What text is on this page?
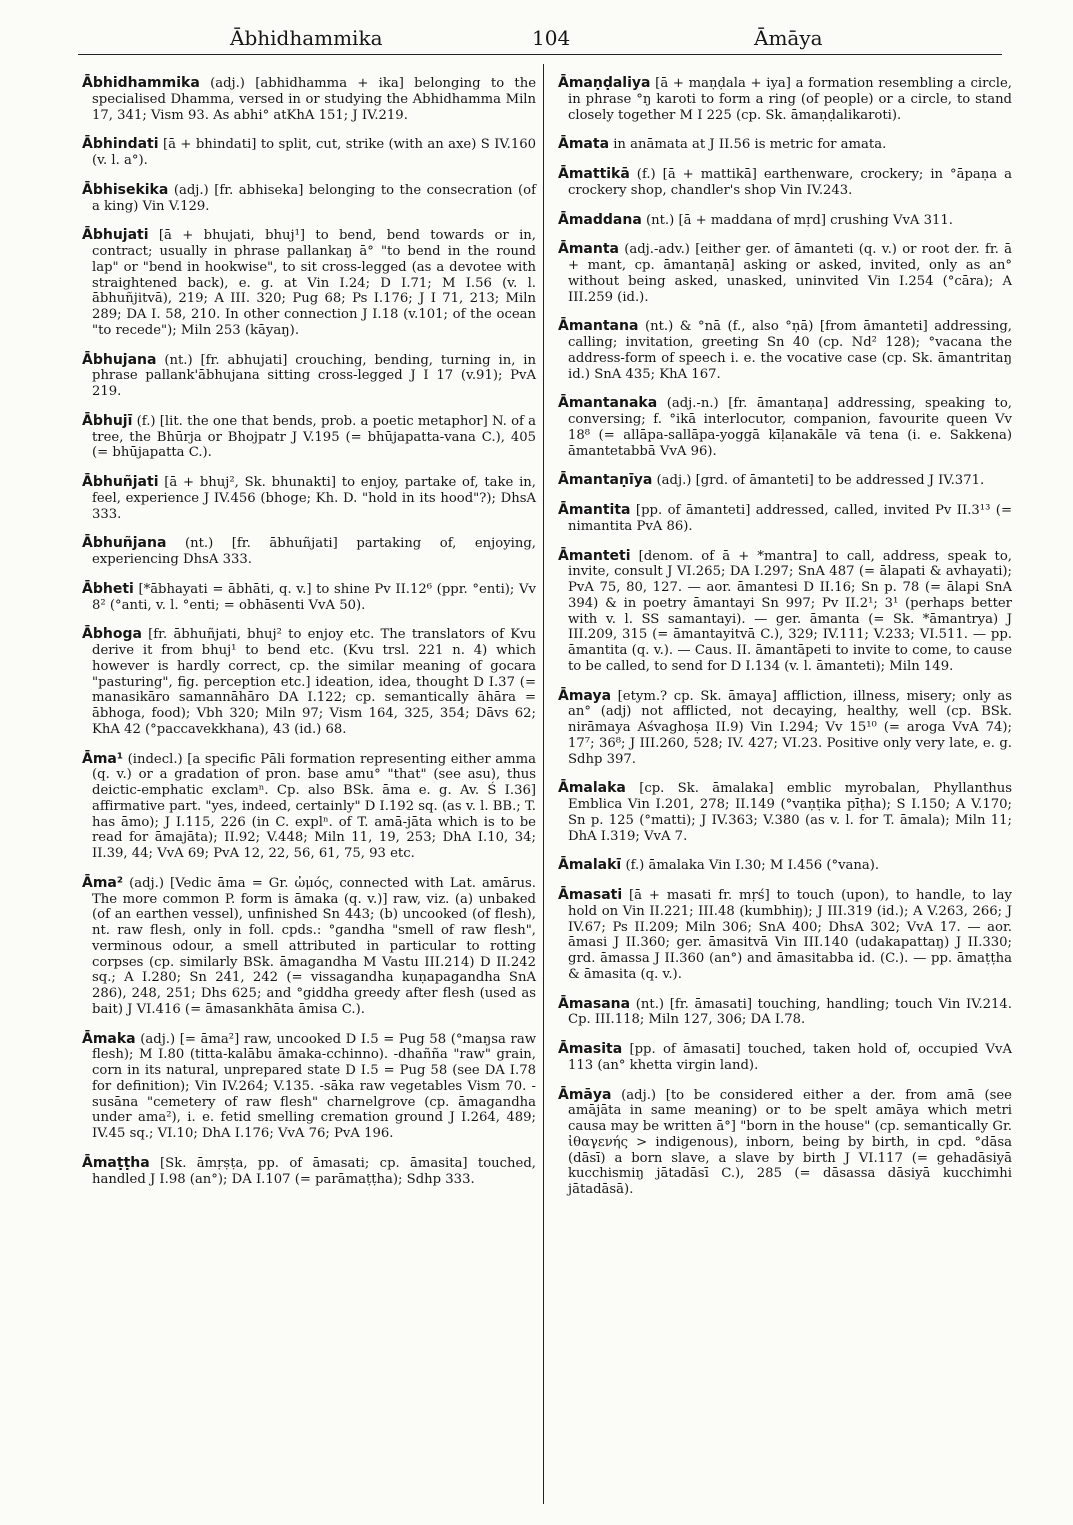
Ābhidhammika	104	Āmāya

Ābhidhammika (adj.) [abhidhamma + ika] belonging to the specialised Dhamma, versed in or studying the Abhidhamma Miln 17, 341; Vism 93. As abhi° atKhA 151; J IV.219.

Ābhindati [ā + bhindati] to split, cut, strike (with an axe) S IV.160 (v. l. a°).

Ābhisekika (adj.) [fr. abhiseka] belonging to the consecration (of a king) Vin V.129.

Ābhujati [ā + bhujati, bhuj¹] to bend, bend towards or in, contract; usually in phrase pallankaŋ ā° "to bend in the round lap" or "bend in hookwise", to sit cross-legged (as a devotee with straightened back), e. g. at Vin I.24; D I.71; M I.56 (v. l. ābhuñjitvā), 219; A III. 320; Pug 68; Ps I.176; J I 71, 213; Miln 289; DA I. 58, 210. In other connection J I.18 (v.101; of the ocean "to recede"); Miln 253 (kāyaŋ).

Ābhujana (nt.) [fr. abhujati] crouching, bending, turning in, in phrase pallank'ābhujana sitting cross-legged J I 17 (v.91); PvA 219.

Ābhujī (f.) [lit. the one that bends, prob. a poetic metaphor] N. of a tree, the Bhūrja or Bhojpatr J V.195 (= bhūjapatta-vana C.), 405 (= bhūjapatta C.).

Ābhuñjati [ā + bhuj², Sk. bhunakti] to enjoy, partake of, take in, feel, experience J IV.456 (bhoge; Kh. D. "hold in its hood"?); DhsA 333.

Ābhuñjana (nt.) [fr. ābhuñjati] partaking of, enjoying, experiencing DhsA 333.

Ābheti [*ābhayati = ābhāti, q. v.] to shine Pv II.12⁶ (ppr. °enti); Vv 8² (°anti, v. l. °enti; = obhāsenti VvA 50).

Ābhoga [fr. ābhuñjati, bhuj² to enjoy etc. The translators of Kvu derive it from bhuj¹ to bend etc. (Kvu trsl. 221 n. 4) which however is hardly correct, cp. the similar meaning of gocara "pasturing", fig. perception etc.] ideation, idea, thought D I.37 (= manasikāro samannāhāro DA I.122; cp. semantically āhāra = ābhoga, food); Vbh 320; Miln 97; Vism 164, 325, 354; Dāvs 62; KhA 42 (°paccavekkhana), 43 (id.) 68.

Āma¹ (indecl.) [a specific Pāli formation representing either amma (q. v.) or a gradation of pron. base amu° "that" (see asu), thus deictic-emphatic exclamⁿ. Cp. also BSk. āma e. g. Av. Ś I.36] affirmative part. "yes, indeed, certainly" D I.192 sq. (as v. l. BB.; T. has āmo); J I.115, 226 (in C. explⁿ. of T. amā-jāta which is to be read for āmajāta); II.92; V.448; Miln 11, 19, 253; DhA I.10, 34; II.39, 44; VvA 69; PvA 12, 22, 56, 61, 75, 93 etc.

Āma² (adj.) [Vedic āma = Gr. ὠμός, connected with Lat. amārus. The more common P. form is āmaka (q. v.)] raw, viz. (a) unbaked (of an earthen vessel), unfinished Sn 443; (b) uncooked (of flesh), nt. raw flesh, only in foll. cpds.: °gandha "smell of raw flesh", verminous odour, a smell attributed in particular to rotting corpses (cp. similarly BSk. āmagandha M Vastu III.214) D II.242 sq.; A I.280; Sn 241, 242 (= vissagandha kuṇapagandha SnA 286), 248, 251; Dhs 625; and °giddha greedy after flesh (used as bait) J VI.416 (= āmasankhāta āmisa C.).

Āmaka (adj.) [= āma²] raw, uncooked D I.5 = Pug 58 (°maŋsa raw flesh); M I.80 (titta-kalābu āmaka-cchinno). -dhañña "raw" grain, corn in its natural, unprepared state D I.5 = Pug 58 (see DA I.78 for definition); Vin IV.264; V.135. -sāka raw vegetables Vism 70. -susāna "cemetery of raw flesh" charnelgrove (cp. āmagandha under ama²), i. e. fetid smelling cremation ground J I.264, 489; IV.45 sq.; VI.10; DhA I.176; VvA 76; PvA 196.

Āmaṭṭha [Sk. āmṛṣṭa, pp. of āmasati; cp. āmasita] touched, handled J I.98 (an°); DA I.107 (= parāmaṭṭha); Sdhp 333.

Āmaṇḍaliya [ā + maṇḍala + iya] a formation resembling a circle, in phrase °ŋ karoti to form a ring (of people) or a circle, to stand closely together M I 225 (cp. Sk. āmaṇḍalikaroti).

Āmata in anāmata at J II.56 is metric for amata.

Āmattikā (f.) [ā + mattikā] earthenware, crockery; in °āpaṇa a crockery shop, chandler's shop Vin IV.243.

Āmaddana (nt.) [ā + maddana of mṛd] crushing VvA 311.

Āmanta (adj.-adv.) [either ger. of āmanteti (q. v.) or root der. fr. ā + mant, cp. āmantaṇā] asking or asked, invited, only as an° without being asked, unasked, uninvited Vin I.254 (°cāra); A III.259 (id.).

Āmantana (nt.) & °nā (f., also °ṇā) [from āmanteti] addressing, calling; invitation, greeting Sn 40 (cp. Nd² 128); °vacana the address-form of speech i. e. the vocative case (cp. Sk. āmantritaŋ id.) SnA 435; KhA 167.

Āmantanaka (adj.-n.) [fr. āmantaṇa] addressing, speaking to, conversing; f. °ikā interlocutor, companion, favourite queen Vv 18⁸ (= allāpa-sallāpa-yoggā kīḷanakāle vā tena (i. e. Sakkena) āmantetabbā VvA 96).

Āmantaṇīya (adj.) [grd. of āmanteti] to be addressed J IV.371.

Āmantita [pp. of āmanteti] addressed, called, invited Pv II.3¹³ (= nimantita PvA 86).

Āmanteti [denom. of ā + *mantra] to call, address, speak to, invite, consult J VI.265; DA I.297; SnA 487 (= ālapati & avhayati); PvA 75, 80, 127. — aor. āmantesi D II.16; Sn p. 78 (= ālapi SnA 394) & in poetry āmantayi Sn 997; Pv II.2¹; 3¹ (perhaps better with v. l. SS samantayi). — ger. āmanta (= Sk. *āmantrya) J III.209, 315 (= āmantayitvā C.), 329; IV.111; V.233; VI.511. — pp. āmantita (q. v.). — Caus. II. āmantāpeti to invite to come, to cause to be called, to send for D I.134 (v. l. āmanteti); Miln 149.

Āmaya [etym.? cp. Sk. āmaya] affliction, illness, misery; only as an° (adj) not afflicted, not decaying, healthy, well (cp. BSk. nirāmaya Aśvaghoṣa II.9) Vin I.294; Vv 15¹⁰ (= aroga VvA 74); 17⁷; 36⁸; J III.260, 528; IV. 427; VI.23. Positive only very late, e. g. Sdhp 397.

Āmalaka [cp. Sk. āmalaka] emblic myrobalan, Phyllanthus Emblica Vin I.201, 278; II.149 (°vaṇṭika pīṭha); S I.150; A V.170; Sn p. 125 (°matti); J IV.363; V.380 (as v. l. for T. āmala); Miln 11; DhA I.319; VvA 7.

Āmalakī (f.) āmalaka Vin I.30; M I.456 (°vana).

Āmasati [ā + masati fr. mṛś] to touch (upon), to handle, to lay hold on Vin II.221; III.48 (kumbhiŋ); J III.319 (id.); A V.263, 266; J IV.67; Ps II.209; Miln 306; SnA 400; DhsA 302; VvA 17. — aor. āmasi J II.360; ger. āmasitvā Vin III.140 (udakapattaŋ) J II.330; grd. āmassa J II.360 (an°) and āmasitabba id. (C.). — pp. āmaṭṭha & āmasita (q. v.).

Āmasana (nt.) [fr. āmasati] touching, handling; touch Vin IV.214. Cp. III.118; Miln 127, 306; DA I.78.

Āmasita [pp. of āmasati] touched, taken hold of, occupied VvA 113 (an° khetta virgin land).

Āmāya (adj.) [to be considered either a der. from amā (see amājāta in same meaning) or to be spelt amāya which metri causa may be written ā°] "born in the house" (cp. semantically Gr. ἰθαγενής > indigenous), inborn, being by birth, in cpd. °dāsa (dāsī) a born slave, a slave by birth J VI.117 (= gehadāsiyā kucchismiŋ jātadāsī C.), 285 (= dāsassa dāsiyā kucchimhi jātadāsā).
